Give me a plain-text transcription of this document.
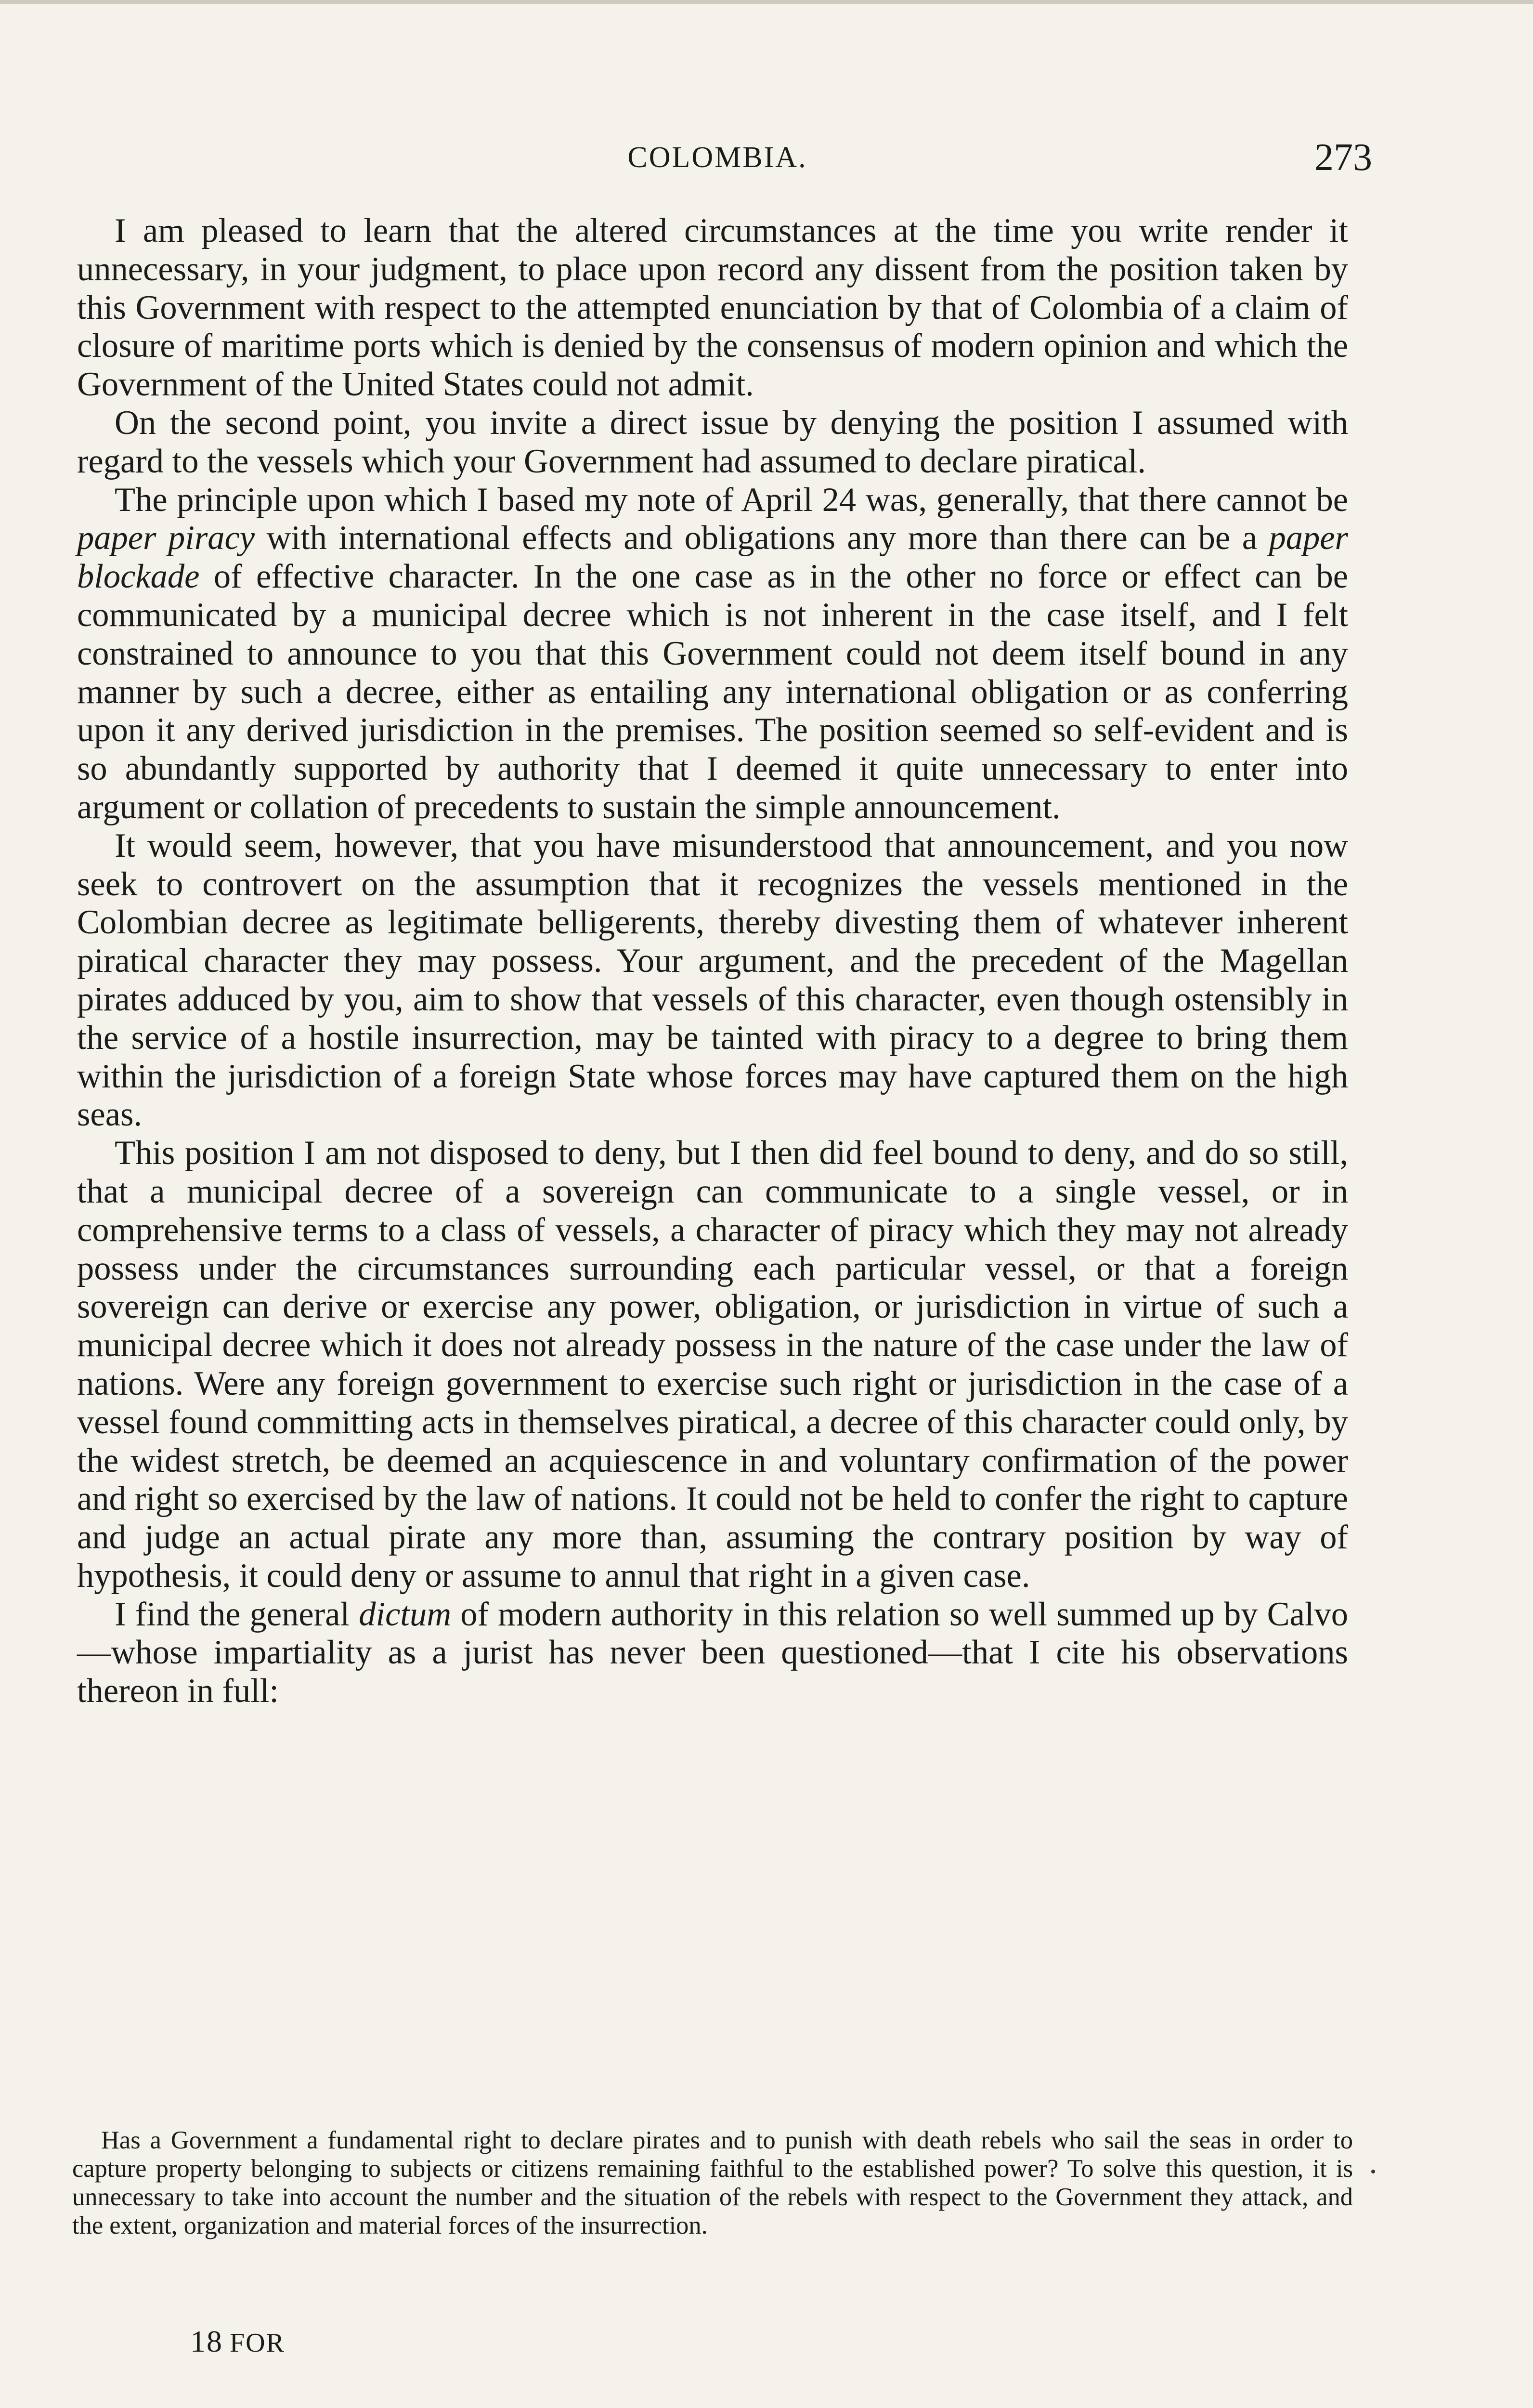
COLOMBIA.	273

I am pleased to learn that the altered circumstances at the time you write render it unnecessary, in your judgment, to place upon record any dissent from the position taken by this Government with respect to the attempted enunciation by that of Colombia of a claim of closure of maritime ports which is denied by the consensus of modern opinion and which the Government of the United States could not admit.

On the second point, you invite a direct issue by denying the position I assumed with regard to the vessels which your Government had assumed to declare piratical.

The principle upon which I based my note of April 24 was, generally, that there cannot be paper piracy with international effects and obligations any more than there can be a paper blockade of effective character. In the one case as in the other no force or effect can be communicated by a municipal decree which is not inherent in the case itself, and I felt constrained to announce to you that this Government could not deem itself bound in any manner by such a decree, either as entailing any international obligation or as conferring upon it any derived jurisdiction in the premises. The position seemed so self-evident and is so abundantly supported by authority that I deemed it quite unnecessary to enter into argument or collation of precedents to sustain the simple announcement.

It would seem, however, that you have misunderstood that announcement, and you now seek to controvert on the assumption that it recognizes the vessels mentioned in the Colombian decree as legitimate belligerents, thereby divesting them of whatever inherent piratical character they may possess. Your argument, and the precedent of the Magellan pirates adduced by you, aim to show that vessels of this character, even though ostensibly in the service of a hostile insurrection, may be tainted with piracy to a degree to bring them within the jurisdiction of a foreign State whose forces may have captured them on the high seas.

This position I am not disposed to deny, but I then did feel bound to deny, and do so still, that a municipal decree of a sovereign can communicate to a single vessel, or in comprehensive terms to a class of vessels, a character of piracy which they may not already possess under the circumstances surrounding each particular vessel, or that a foreign sovereign can derive or exercise any power, obligation, or jurisdiction in virtue of such a municipal decree which it does not already possess in the nature of the case under the law of nations. Were any foreign government to exercise such right or jurisdiction in the case of a vessel found committing acts in themselves piratical, a decree of this character could only, by the widest stretch, be deemed an acquiescence in and voluntary confirmation of the power and right so exercised by the law of nations. It could not be held to confer the right to capture and judge an actual pirate any more than, assuming the contrary position by way of hypothesis, it could deny or assume to annul that right in a given case.

I find the general dictum of modern authority in this relation so well summed up by Calvo—whose impartiality as a jurist has never been questioned—that I cite his observations thereon in full:

Has a Government a fundamental right to declare pirates and to punish with death rebels who sail the seas in order to capture property belonging to subjects or citizens remaining faithful to the established power? To solve this question, it is unnecessary to take into account the number and the situation of the rebels with respect to the Government they attack, and the extent, organization and material forces of the insurrection.

18 FOR
